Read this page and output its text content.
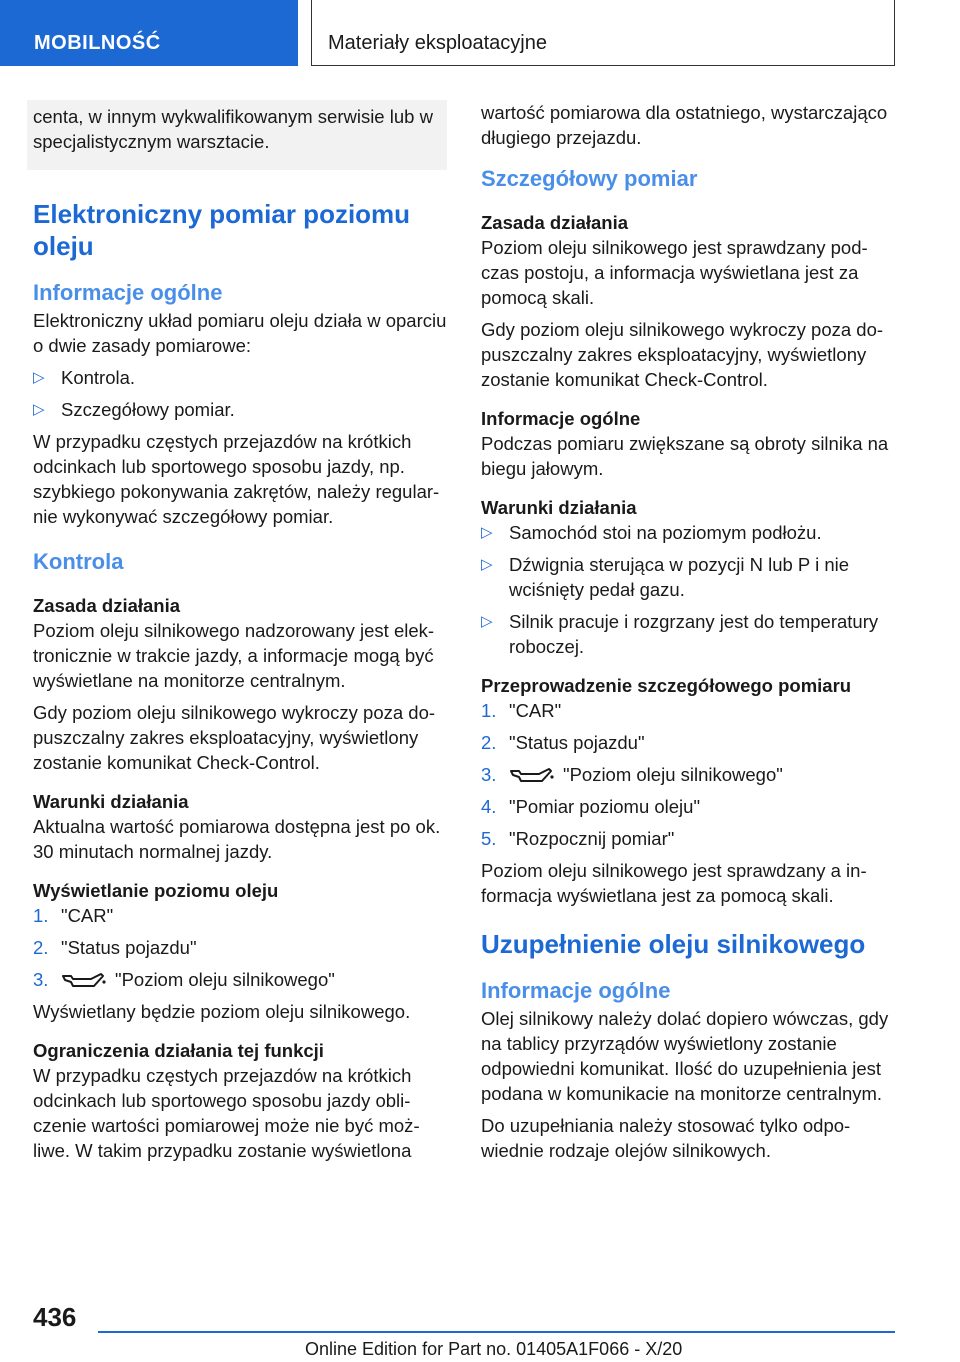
MOBILNOŚĆ	Materiały eksploatacyjne

centa, w innym wykwalifikowanym serwisie lub w specjalistycznym warsztacie.

Elektroniczny pomiar poziomu oleju
Informacje ogólne

Elektroniczny układ pomiaru oleju działa w oparciu o dwie zasady pomiarowe:

▷ Kontrola.
▷ Szczegółowy pomiar.

W przypadku częstych przejazdów na krótkich odcinkach lub sportowego sposobu jazdy, np. szybkiego pokonywania zakrętów, należy regularnie wykonywać szczegółowy pomiar.

Kontrola
Zasada działania

Poziom oleju silnikowego nadzorowany jest elektronicznie w trakcie jazdy, a informacje mogą być wyświetlane na monitorze centralnym.

Gdy poziom oleju silnikowego wykroczy poza dopuszczalny zakres eksploatacyjny, wyświetlony zostanie komunikat Check-Control.

Warunki działania

Aktualna wartość pomiarowa dostępna jest po ok. 30 minutach normalnej jazdy.

Wyświetlanie poziomu oleju
1. "CAR"
2. "Status pojazdu"
3.	"Poziom oleju silnikowego"

Wyświetlany będzie poziom oleju silnikowego.

Ograniczenia działania tej funkcji

W przypadku częstych przejazdów na krótkich odcinkach lub sportowego sposobu jazdy obliczenie wartości pomiarowej może nie być możliwe. W takim przypadku zostanie wyświetlona

wartość pomiarowa dla ostatniego, wystarczająco długiego przejazdu.

Szczegółowy pomiar
Zasada działania

Poziom oleju silnikowego jest sprawdzany podczas postoju, a informacja wyświetlana jest za pomocą skali.

Gdy poziom oleju silnikowego wykroczy poza dopuszczalny zakres eksploatacyjny, wyświetlony zostanie komunikat Check-Control.

Informacje ogólne

Podczas pomiaru zwiększane są obroty silnika na biegu jałowym.

Warunki działania
▷ Samochód stoi na poziomym podłożu.
▷ Dźwignia sterująca w pozycji N lub P i nie wciśnięty pedał gazu.
▷ Silnik pracuje i rozgrzany jest do temperatury roboczej.
Przeprowadzenie szczegółowego pomiaru
1. "CAR"
2. "Status pojazdu"
3.	"Poziom oleju silnikowego"
4. "Pomiar poziomu oleju"
5. "Rozpocznij pomiar"

Poziom oleju silnikowego jest sprawdzany a informacja wyświetlana jest za pomocą skali.

Uzupełnienie oleju silnikowego
Informacje ogólne

Olej silnikowy należy dolać dopiero wówczas, gdy na tablicy przyrządów wyświetlony zostanie odpowiedni komunikat. Ilość do uzupełnienia jest podana w komunikacie na monitorze centralnym.

Do uzupełniania należy stosować tylko odpowiednie rodzaje olejów silnikowych.

436
Online Edition for Part no. 01405A1F066 - X/20
